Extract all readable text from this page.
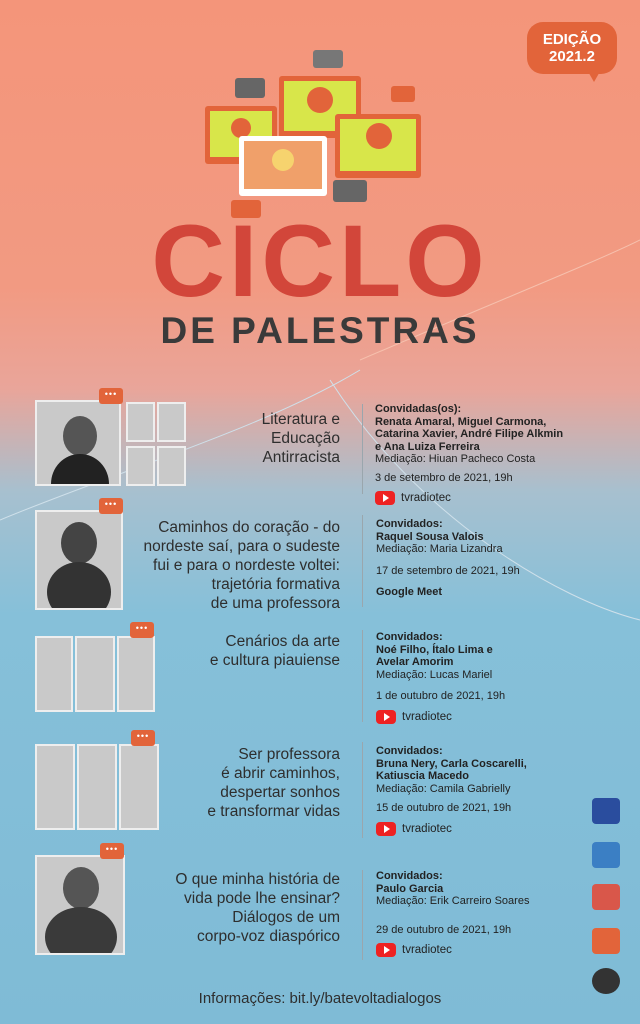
EDIÇÃO
2021.2
CICLO
DE PALESTRAS
•••
Literatura e
Educação
Antirracista
Convidadas(os):
Renata Amaral, Miguel Carmona,
Catarina Xavier, André Filipe Alkmin
e Ana Luiza Ferreira
Mediação: Hiuan Pacheco Costa
3 de setembro de 2021, 19h
tvradiotec
•••
Caminhos do coração - do
nordeste saí, para o sudeste
fui e para o nordeste voltei:
trajetória formativa
de uma professora
Convidados:
Raquel Sousa Valois
Mediação: Maria Lizandra
17 de setembro de 2021, 19h
Google Meet
•••
Cenários da arte
e cultura piauiense
Convidados:
Noé Filho, Ítalo Lima e
Avelar Amorim
Mediação: Lucas Mariel
1 de outubro de 2021, 19h
tvradiotec
•••
Ser professora
é abrir caminhos,
despertar sonhos
e transformar vidas
Convidados:
Bruna Nery, Carla Coscarelli,
Katiuscia Macedo
Mediação: Camila Gabrielly
15 de outubro de 2021, 19h
tvradiotec
•••
O que minha história de
vida pode lhe ensinar?
Diálogos de um
corpo-voz diaspórico
Convidados:
Paulo Garcia
Mediação: Erik Carreiro Soares
29 de outubro de 2021, 19h
tvradiotec
Informações: bit.ly/batevoltadialogos
